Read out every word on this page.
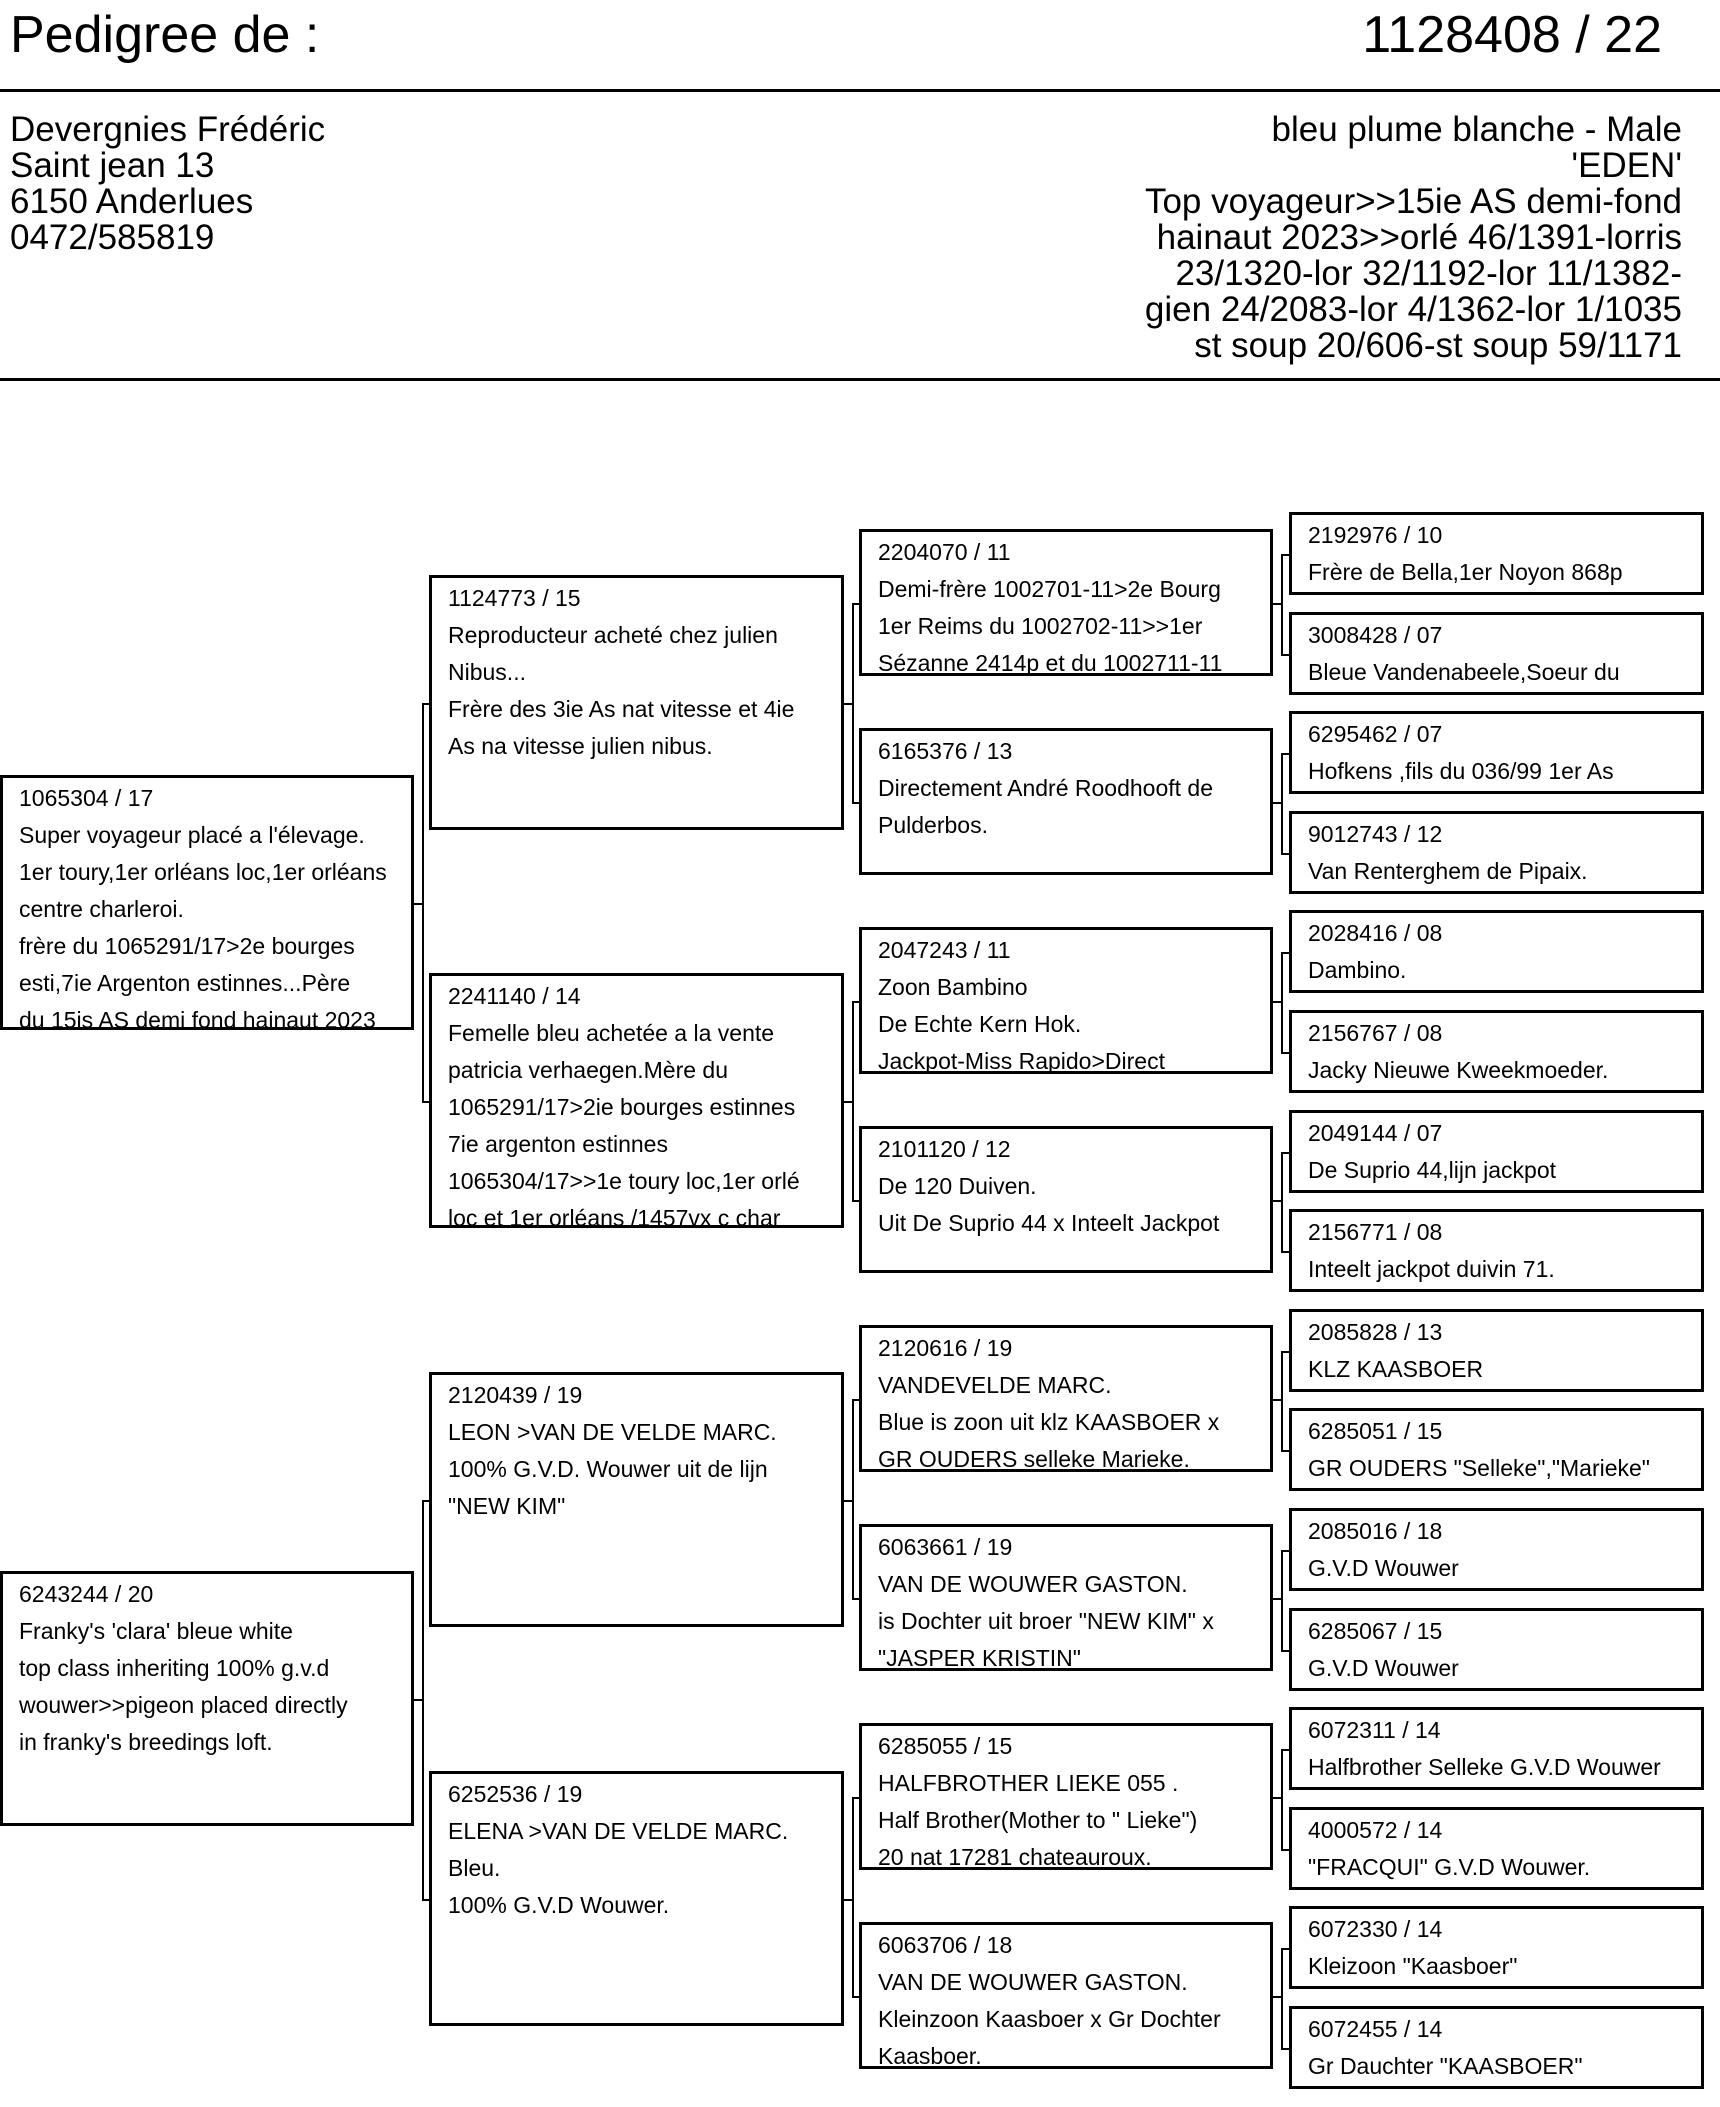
Pedigree de :	1128408 / 22
Devergnies Frédéric
Saint jean 13
6150 Anderlues
0472/585819
bleu plume blanche - Male
'EDEN'
Top voyageur>>15ie AS demi-fond
hainaut 2023>>orlé 46/1391-lorris
23/1320-lor 32/1192-lor 11/1382-
gien 24/2083-lor 4/1362-lor 1/1035
st soup 20/606-st soup 59/1171
1065304 / 17
Super voyageur placé a l'élevage.
1er toury,1er orléans loc,1er orléans
centre charleroi.
frère du 1065291/17>2e bourges
esti,7ie Argenton estinnes...Père
du 15is AS demi fond hainaut 2023
6243244 / 20
Franky's 'clara' bleue white
top class inheriting 100% g.v.d
wouwer>>pigeon placed directly
in franky's breedings loft.
1124773 / 15
Reproducteur acheté chez julien
Nibus...
Frère des 3ie As nat vitesse et 4ie
As na vitesse julien nibus.
2241140 / 14
Femelle bleu achetée a la vente
patricia verhaegen.Mère du
1065291/17>2ie bourges estinnes
7ie argenton estinnes
1065304/17>>1e toury loc,1er orlé
loc et 1er orléans /1457vx c char
2120439 / 19
LEON >VAN DE VELDE MARC.
100% G.V.D. Wouwer uit de lijn
"NEW KIM"
6252536 / 19
ELENA >VAN DE VELDE MARC.
Bleu.
100% G.V.D Wouwer.
2204070 / 11
Demi-frère 1002701-11>2e Bourg
1er Reims du 1002702-11>>1er
Sézanne 2414p et du 1002711-11
6165376 / 13
Directement André Roodhooft de
Pulderbos.
2047243 / 11
Zoon Bambino
De Echte Kern Hok.
Jackpot-Miss Rapido>Direct
2101120 / 12
De 120 Duiven.
Uit De Suprio 44 x Inteelt Jackpot
2120616 / 19
VANDEVELDE MARC.
Blue is zoon uit klz KAASBOER x
GR OUDERS selleke Marieke.
6063661 / 19
VAN DE WOUWER GASTON.
is Dochter uit broer "NEW KIM" x
"JASPER KRISTIN"
6285055 / 15
HALFBROTHER LIEKE 055 .
Half Brother(Mother to " Lieke")
20 nat 17281 chateauroux.
6063706 / 18
VAN DE WOUWER GASTON.
Kleinzoon Kaasboer x Gr Dochter
Kaasboer.
2192976 / 10
Frère de Bella,1er Noyon 868p
3008428 / 07
Bleue Vandenabeele,Soeur du
6295462 / 07
Hofkens ,fils du 036/99 1er As
9012743 / 12
Van Renterghem de Pipaix.
2028416 / 08
Dambino.
2156767 / 08
Jacky Nieuwe Kweekmoeder.
2049144 / 07
De Suprio 44,lijn jackpot
2156771 / 08
Inteelt jackpot duivin 71.
2085828 / 13
KLZ KAASBOER
6285051 / 15
GR OUDERS "Selleke","Marieke"
2085016 / 18
G.V.D Wouwer
6285067 / 15
G.V.D Wouwer
6072311 / 14
Halfbrother Selleke G.V.D Wouwer
4000572 / 14
"FRACQUI" G.V.D Wouwer.
6072330 / 14
Kleizoon "Kaasboer"
6072455 / 14
Gr Dauchter "KAASBOER"
